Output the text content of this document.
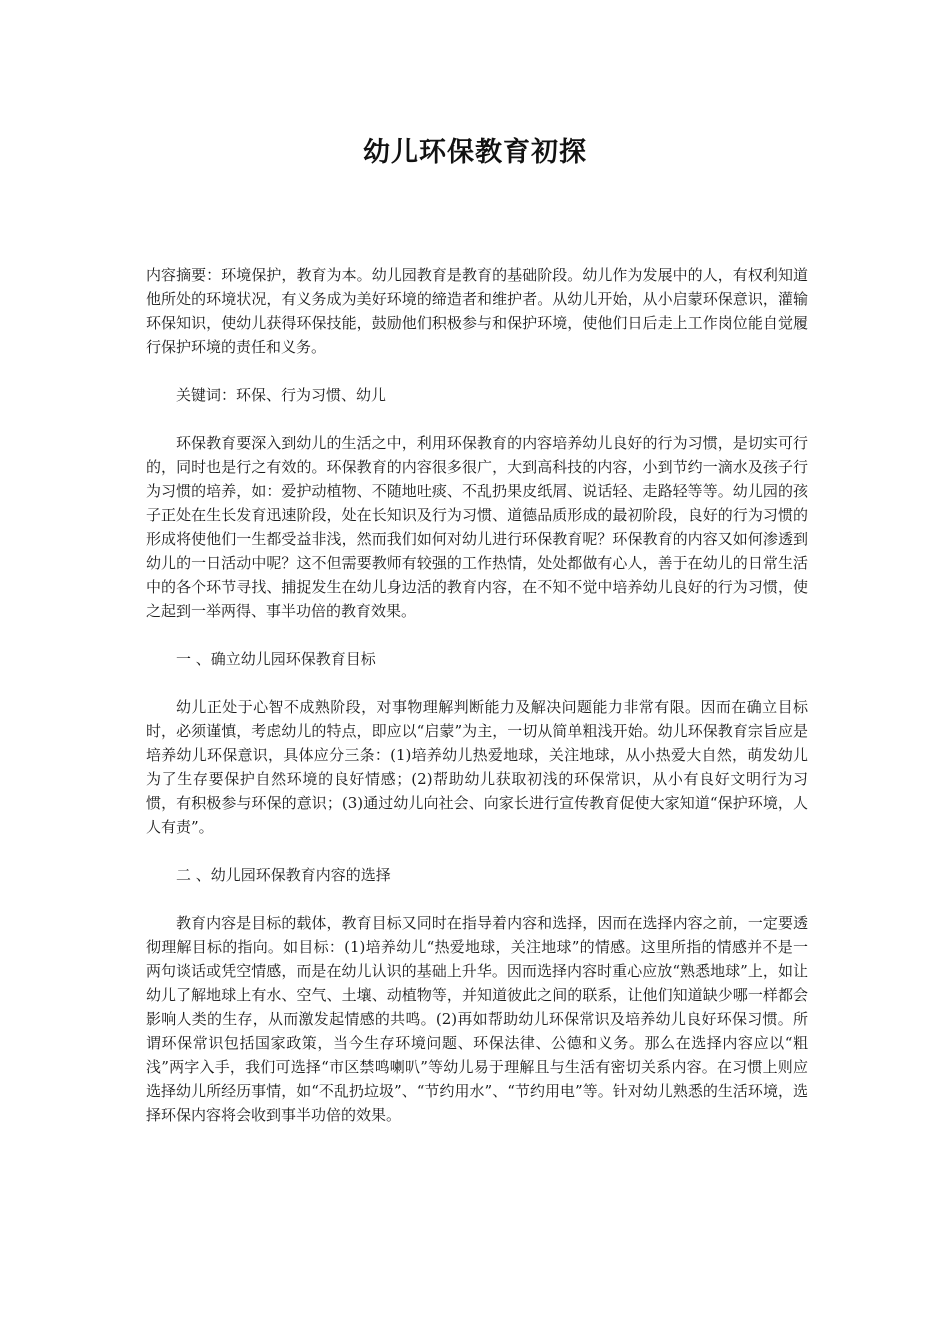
幼儿环保教育初探

内容摘要：环境保护，教育为本。幼儿园教育是教育的基础阶段。幼儿作为发展中的人，有权利知道他所处的环境状况，有义务成为美好环境的缔造者和维护者。从幼儿开始，从小启蒙环保意识，灌输环保知识，使幼儿获得环保技能，鼓励他们积极参与和保护环境，使他们日后走上工作岗位能自觉履行保护环境的责任和义务。

关键词：环保、行为习惯、幼儿

环保教育要深入到幼儿的生活之中，利用环保教育的内容培养幼儿良好的行为习惯，是切实可行的，同时也是行之有效的。环保教育的内容很多很广，大到高科技的内容，小到节约一滴水及孩子行为习惯的培养，如：爱护动植物、不随地吐痰、不乱扔果皮纸屑、说话轻、走路轻等等。幼儿园的孩子正处在生长发育迅速阶段，处在长知识及行为习惯、道德品质形成的最初阶段，良好的行为习惯的形成将使他们一生都受益非浅，然而我们如何对幼儿进行环保教育呢？环保教育的内容又如何渗透到幼儿的一日活动中呢？这不但需要教师有较强的工作热情，处处都做有心人，善于在幼儿的日常生活中的各个环节寻找、捕捉发生在幼儿身边活的教育内容，在不知不觉中培养幼儿良好的行为习惯，使之起到一举两得、事半功倍的教育效果。

一 、确立幼儿园环保教育目标

幼儿正处于心智不成熟阶段，对事物理解判断能力及解决问题能力非常有限。因而在确立目标时，必须谨慎，考虑幼儿的特点，即应以“启蒙”为主，一切从简单粗浅开始。幼儿环保教育宗旨应是培养幼儿环保意识，具体应分三条：(1)培养幼儿热爱地球，关注地球，从小热爱大自然，萌发幼儿为了生存要保护自然环境的良好情感；(2)帮助幼儿获取初浅的环保常识，从小有良好文明行为习惯，有积极参与环保的意识；(3)通过幼儿向社会、向家长进行宣传教育促使大家知道“保护环境，人人有责”。

二 、幼儿园环保教育内容的选择

教育内容是目标的载体，教育目标又同时在指导着内容和选择，因而在选择内容之前，一定要透彻理解目标的指向。如目标：(1)培养幼儿“热爱地球，关注地球”的情感。这里所指的情感并不是一两句谈话或凭空情感，而是在幼儿认识的基础上升华。因而选择内容时重心应放“熟悉地球”上，如让幼儿了解地球上有水、空气、土壤、动植物等，并知道彼此之间的联系，让他们知道缺少哪一样都会影响人类的生存，从而激发起情感的共鸣。(2)再如帮助幼儿环保常识及培养幼儿良好环保习惯。所谓环保常识包括国家政策，当今生存环境问题、环保法律、公德和义务。那么在选择内容应以“粗浅”两字入手，我们可选择“市区禁鸣喇叭”等幼儿易于理解且与生活有密切关系内容。在习惯上则应选择幼儿所经历事情，如“不乱扔垃圾”、“节约用水”、“节约用电”等。针对幼儿熟悉的生活环境，选择环保内容将会收到事半功倍的效果。
